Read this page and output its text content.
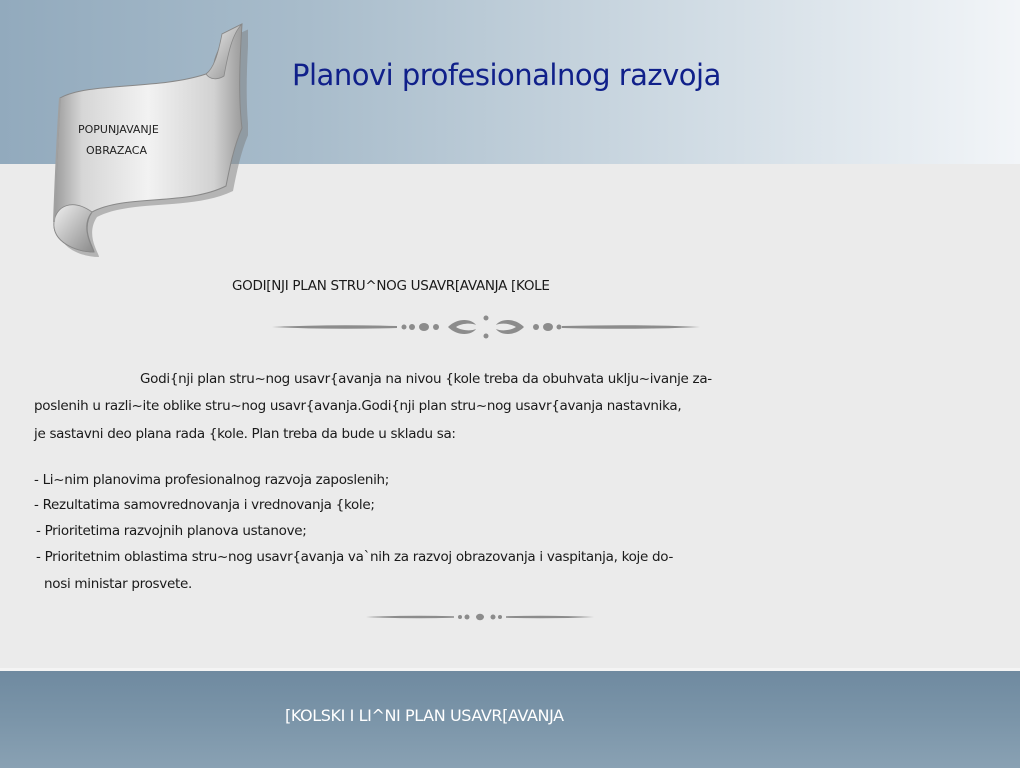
Planovi profesionalnog razvoja
POPUNJAVANJE
OBRAZACA
GODI[NJI PLAN STRU^NOG USAVR[AVANJA [KOLE
Godi{nji plan stru~nog usavr{avanja na nivou {kole treba da obuhvata uklju~ivanje za-
poslenih u razli~ite oblike stru~nog usavr{avanja.Godi{nji plan stru~nog usavr{avanja nastavnika,
je sastavni deo plana rada {kole. Plan treba da bude u skladu sa:
- Li~nim planovima profesionalnog razvoja zaposlenih;
- Rezultatima samovrednovanja i vrednovanja {kole;
- Prioritetima razvojnih planova ustanove;
- Prioritetnim oblastima stru~nog usavr{avanja va`nih za razvoj obrazovanja i vaspitanja, koje do-
nosi ministar prosvete.
[KOLSKI I LI^NI PLAN USAVR[AVANJA
